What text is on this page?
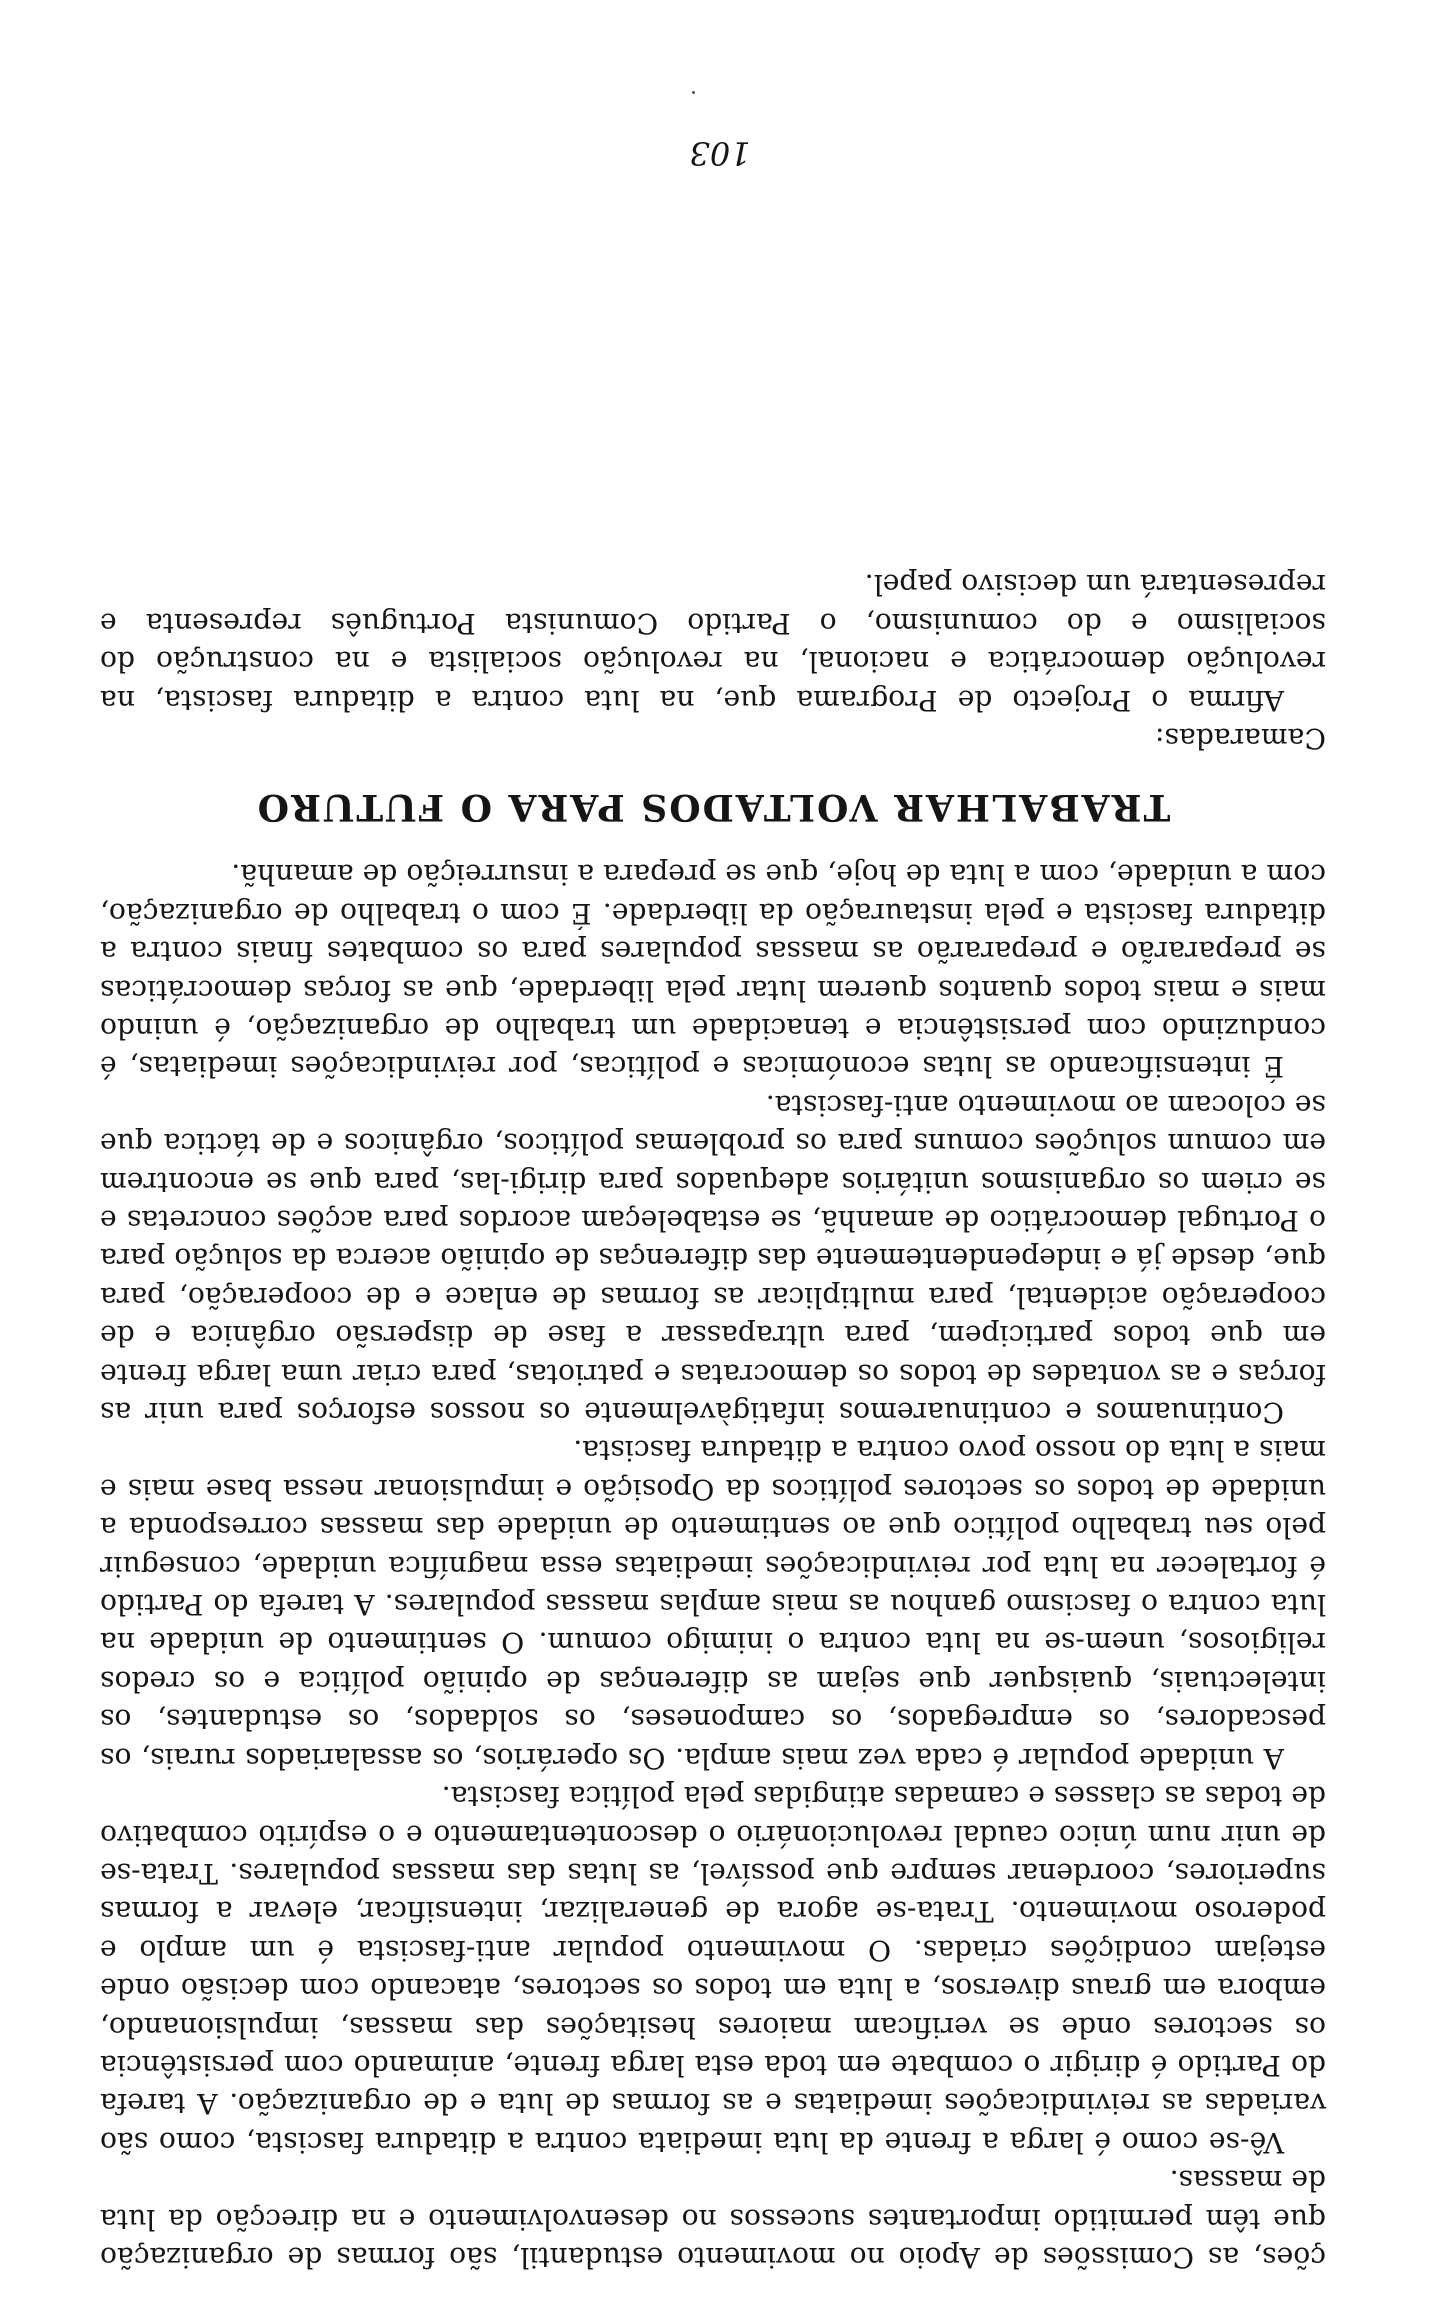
ções, as Comissões de Apoio no movimento estudantil, são formas de organização que têm permitido importantes sucessos no desenvolvimento e na direcção da luta de massas.

Vê-se como é larga a frente da luta imediata contra a ditadura fascista, como são variadas as reivindicações imediatas e as formas de luta e de organização. A tarefa do Partido é dirigir o combate em toda esta larga frente, animando com persistência os sectores onde se verificam maiores hesitações das massas, impulsionando, embora em graus diversos, a luta em todos os sectores, atacando com decisão onde estejam condições criadas. O movimento popular anti-fascista é um amplo e poderoso movimento. Trata-se agora de generalizar, intensificar, elevar a formas superiores, coordenar sempre que possível, as lutas das massas populares. Trata-se de unir num único caudal revolucionário o descontentamento e o espírito combativo de todas as classes e camadas atingidas pela política fascista.

A unidade popular é cada vez mais ampla. Os operários, os assalariados rurais, os pescadores, os empregados, os camponeses, os soldados, os estudantes, os intelectuais, quaisquer que sejam as diferenças de opinião política e os credos religiosos, unem-se na luta contra o inimigo comum. O sentimento de unidade na luta contra o fascismo ganhou as mais amplas massas populares. A tarefa do Partido é fortalecer na luta por reivindicações imediatas essa magnífica unidade, conseguir pelo seu trabalho político que ao sentimento de unidade das massas corresponda a unidade de todos os sectores políticos da Oposição e impulsionar nessa base mais e mais a luta do nosso povo contra a ditadura fascista.

Continuamos e continuaremos infatigàvelmente os nossos esforços para unir as forças e as vontades de todos os democratas e patriotas, para criar uma larga frente em que todos participem, para ultrapassar a fase de dispersão orgânica e de cooperação acidental, para multiplicar as formas de enlace e de cooperação, para que, desde já e independentemente das diferenças de opinião acerca da solução para o Portugal democrático de amanhã, se estabeleçam acordos para acções concretas e se criem os organismos unitários adequados para dirigi-las, para que se encontrem em comum soluções comuns para os problemas políticos, orgânicos e de táctica que se colocam ao movimento anti-fascista.

É intensificando as lutas económicas e políticas, por reivindicações imediatas, é conduzindo com persistência e tenacidade um trabalho de organização, é unindo mais e mais todos quantos querem lutar pela liberdade, que as forças democráticas se prepararão e prepararão as massas populares para os combates finais contra a ditadura fascista e pela instauração da liberdade. É com o trabalho de organização, com a unidade, com a luta de hoje, que se prepara a insurreição de amanhã.

TRABALHAR VOLTADOS PARA O FUTURO

Camaradas:

Afirma o Projecto de Programa que, na luta contra a ditadura fascista, na revolução democrática e nacional, na revolução socialista e na construção do socialismo e do comunismo, o Partido Comunista Português representa e representará um decisivo papel.

103
